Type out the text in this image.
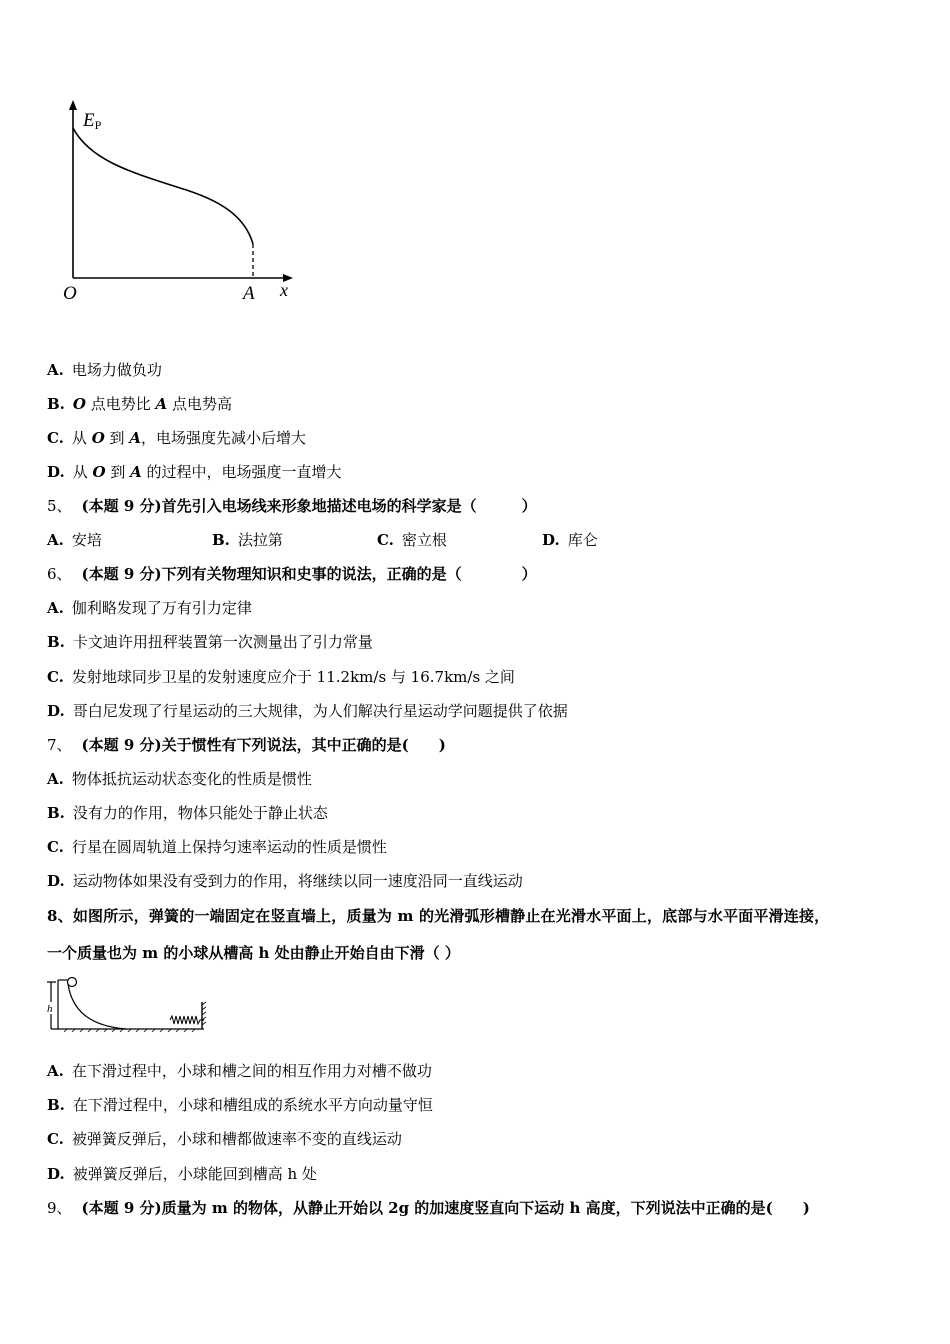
EP
x
O	A
A. 电场力做负功
B. O 点电势比 A 点电势高
C. 从 O 到 A，电场强度先减小后增大
D. 从 O 到 A 的过程中，电场强度一直增大
5、 (本题 9 分)首先引入电场线来形象地描述电场的科学家是（　　　）
A. 安培	B. 法拉第	C. 密立根	D. 库仑
6、 (本题 9 分)下列有关物理知识和史事的说法，正确的是（　　　　）
A. 伽利略发现了万有引力定律
B. 卡文迪许用扭秤装置第一次测量出了引力常量
C. 发射地球同步卫星的发射速度应介于 11.2km/s 与 16.7km/s 之间
D. 哥白尼发现了行星运动的三大规律，为人们解决行星运动学问题提供了依据
7、 (本题 9 分)关于惯性有下列说法，其中正确的是(　　)
A. 物体抵抗运动状态变化的性质是惯性
B. 没有力的作用，物体只能处于静止状态
C. 行星在圆周轨道上保持匀速率运动的性质是惯性
D. 运动物体如果没有受到力的作用，将继续以同一速度沿同一直线运动
8、如图所示，弹簧的一端固定在竖直墙上，质量为 m 的光滑弧形槽静止在光滑水平面上，底部与水平面平滑连接，
一个质量也为 m 的小球从槽高 h 处由静止开始自由下滑（ ）
h
A. 在下滑过程中，小球和槽之间的相互作用力对槽不做功
B. 在下滑过程中，小球和槽组成的系统水平方向动量守恒
C. 被弹簧反弹后，小球和槽都做速率不变的直线运动
D. 被弹簧反弹后，小球能回到槽高 h 处
9、 (本题 9 分)质量为 m 的物体，从静止开始以 2g 的加速度竖直向下运动 h 高度，下列说法中正确的是(　　)
